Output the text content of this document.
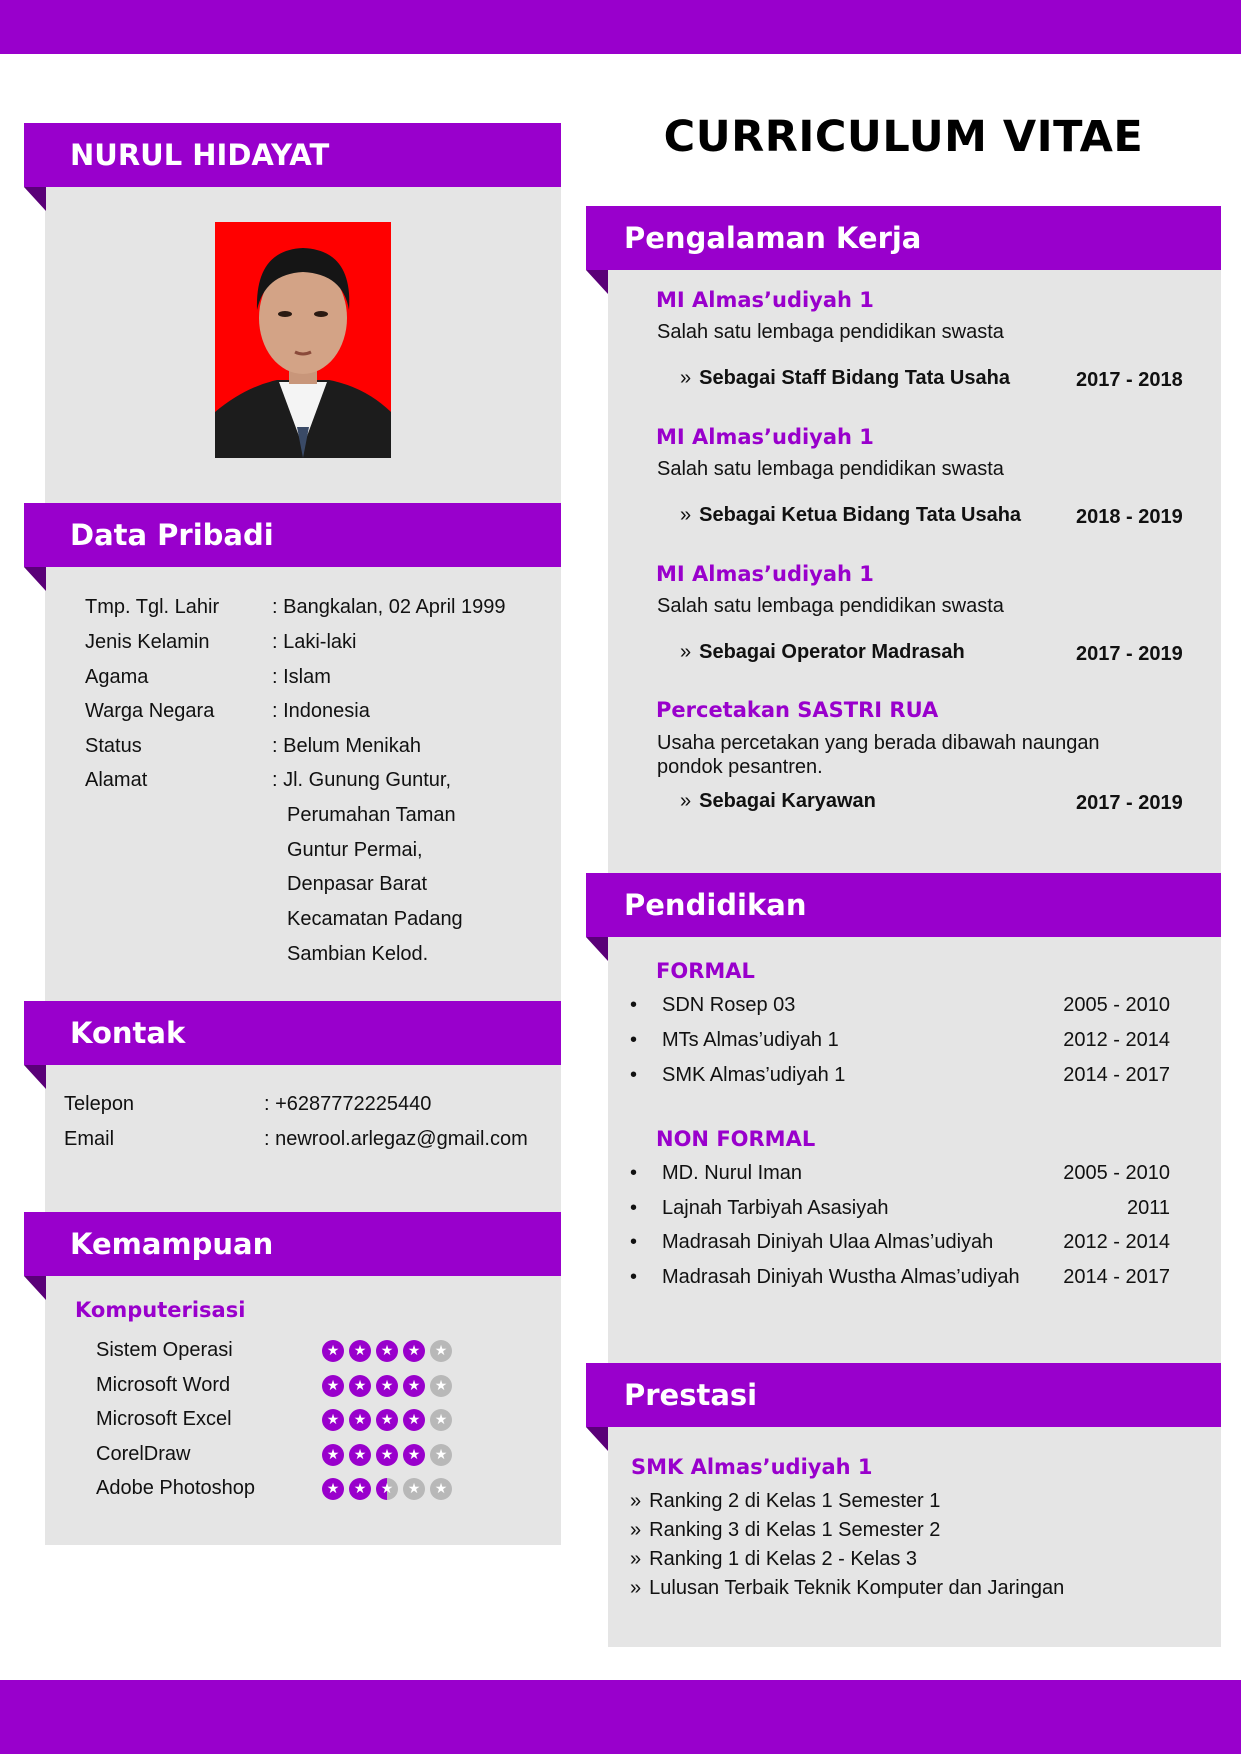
NURUL HIDAYAT
Data Pribadi
Tmp. Tgl. Lahir	: Bangkalan, 02 April 1999
Jenis Kelamin	: Laki-laki
Agama	: Islam
Warga Negara	: Indonesia
Status	: Belum Menikah
Alamat	: Jl. Gunung Guntur,
Perumahan Taman
Guntur Permai,
Denpasar Barat
Kecamatan Padang
Sambian Kelod.
Kontak
Telepon	: +6287772225440
Email	: newrool.arlegaz@gmail.com
Kemampuan
Komputerisasi
Sistem Operasi	★	★	★	★	★
Microsoft Word	★	★	★	★	★
Microsoft Excel	★	★	★	★	★
CorelDraw	★	★	★	★	★
Adobe Photoshop	★	★	★	★	★
CURRICULUM VITAE
Pengalaman Kerja
MI Almas’udiyah 1
Salah satu lembaga pendidikan swasta
» Sebagai Staff Bidang Tata Usaha	2017 - 2018
MI Almas’udiyah 1
Salah satu lembaga pendidikan swasta
» Sebagai Ketua Bidang Tata Usaha	2018 - 2019
MI Almas’udiyah 1
Salah satu lembaga pendidikan swasta
» Sebagai Operator Madrasah	2017 - 2019
Percetakan SASTRI RUA
Usaha percetakan yang berada dibawah naungan pondok pesantren.
» Sebagai Karyawan	2017 - 2019
Pendidikan
FORMAL
• SDN Rosep 03	2005 - 2010
• MTs Almas’udiyah 1	2012 - 2014
• SMK Almas’udiyah 1	2014 - 2017
NON FORMAL
• MD. Nurul Iman	2005 - 2010
• Lajnah Tarbiyah Asasiyah	2011
• Madrasah Diniyah Ulaa Almas’udiyah	2012 - 2014
• Madrasah Diniyah Wustha Almas’udiyah 2014 - 2017
Prestasi
SMK Almas’udiyah 1
» Ranking 2 di Kelas 1 Semester 1
» Ranking 3 di Kelas 1 Semester 2
» Ranking 1 di Kelas 2 - Kelas 3
» Lulusan Terbaik Teknik Komputer dan Jaringan
